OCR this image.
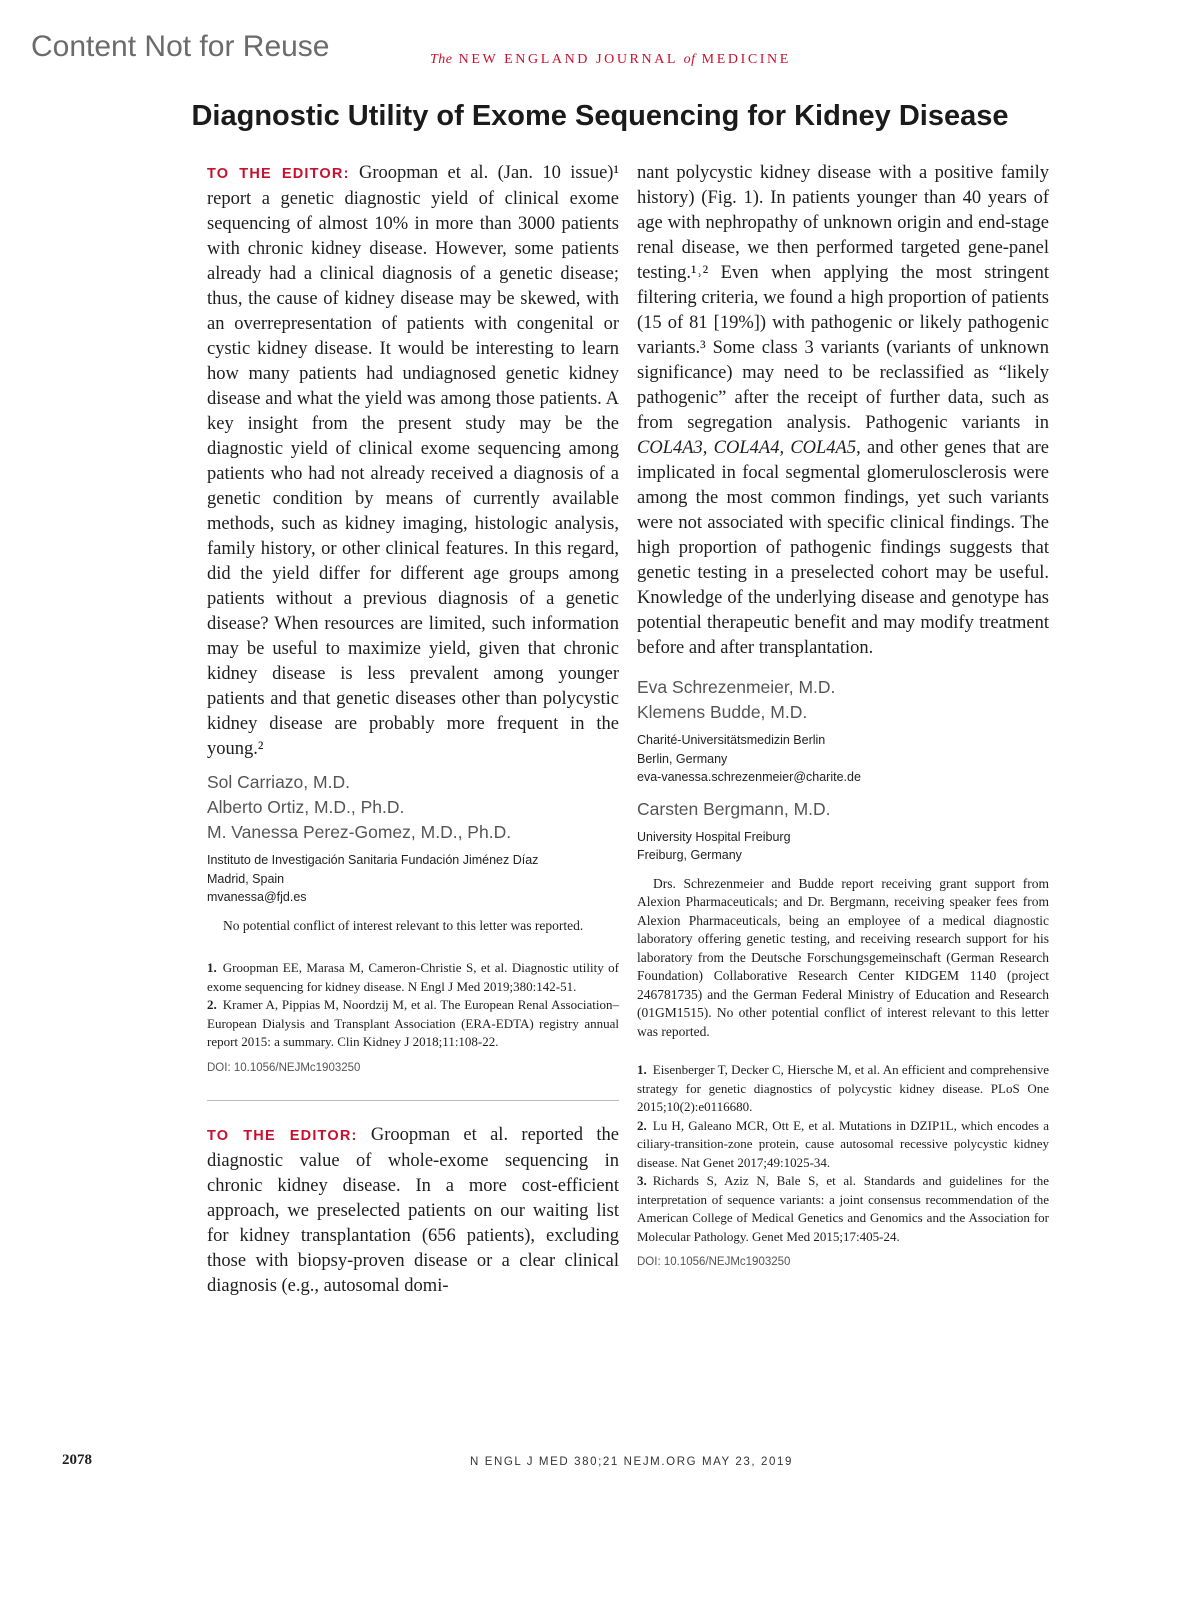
Content Not for Reuse	The NEW ENGLAND JOURNAL of MEDICINE
Diagnostic Utility of Exome Sequencing for Kidney Disease

TO THE EDITOR: Groopman et al. (Jan. 10 issue)¹ report a genetic diagnostic yield of clinical exome sequencing of almost 10% in more than 3000 patients with chronic kidney disease. However, some patients already had a clinical diagnosis of a genetic disease; thus, the cause of kidney disease may be skewed, with an overrepresentation of patients with congenital or cystic kidney disease. It would be interesting to learn how many patients had undiagnosed genetic kidney disease and what the yield was among those patients. A key insight from the present study may be the diagnostic yield of clinical exome sequencing among patients who had not already received a diagnosis of a genetic condition by means of currently available methods, such as kidney imaging, histologic analysis, family history, or other clinical features. In this regard, did the yield differ for different age groups among patients without a previous diagnosis of a genetic disease? When resources are limited, such information may be useful to maximize yield, given that chronic kidney disease is less prevalent among younger patients and that genetic diseases other than polycystic kidney disease are probably more frequent in the young.²

Sol Carriazo, M.D.
Alberto Ortiz, M.D., Ph.D.
M. Vanessa Perez-Gomez, M.D., Ph.D.
Instituto de Investigación Sanitaria Fundación Jiménez Díaz
Madrid, Spain
mvanessa@fjd.es

No potential conflict of interest relevant to this letter was reported.

1. Groopman EE, Marasa M, Cameron-Christie S, et al. Diagnostic utility of exome sequencing for kidney disease. N Engl J Med 2019;380:142-51.
2. Kramer A, Pippias M, Noordzij M, et al. The European Renal Association–European Dialysis and Transplant Association (ERA-EDTA) registry annual report 2015: a summary. Clin Kidney J 2018;11:108-22.
DOI: 10.1056/NEJMc1903250

TO THE EDITOR: Groopman et al. reported the diagnostic value of whole-exome sequencing in chronic kidney disease. In a more cost-efficient approach, we preselected patients on our waiting list for kidney transplantation (656 patients), excluding those with biopsy-proven disease or a clear clinical diagnosis (e.g., autosomal domi-

nant polycystic kidney disease with a positive family history) (Fig. 1). In patients younger than 40 years of age with nephropathy of unknown origin and end-stage renal disease, we then performed targeted gene-panel testing.¹˒² Even when applying the most stringent filtering criteria, we found a high proportion of patients (15 of 81 [19%]) with pathogenic or likely pathogenic variants.³ Some class 3 variants (variants of unknown significance) may need to be reclassified as “likely pathogenic” after the receipt of further data, such as from segregation analysis. Pathogenic variants in COL4A3, COL4A4, COL4A5, and other genes that are implicated in focal segmental glomerulosclerosis were among the most common findings, yet such variants were not associated with specific clinical findings. The high proportion of pathogenic findings suggests that genetic testing in a preselected cohort may be useful. Knowledge of the underlying disease and genotype has potential therapeutic benefit and may modify treatment before and after transplantation.

Eva Schrezenmeier, M.D.
Klemens Budde, M.D.
Charité-Universitätsmedizin Berlin
Berlin, Germany
eva-vanessa.schrezenmeier@charite.de
Carsten Bergmann, M.D.
University Hospital Freiburg
Freiburg, Germany

Drs. Schrezenmeier and Budde report receiving grant support from Alexion Pharmaceuticals; and Dr. Bergmann, receiving speaker fees from Alexion Pharmaceuticals, being an employee of a medical diagnostic laboratory offering genetic testing, and receiving research support for his laboratory from the Deutsche Forschungsgemeinschaft (German Research Foundation) Collaborative Research Center KIDGEM 1140 (project 246781735) and the German Federal Ministry of Education and Research (01GM1515). No other potential conflict of interest relevant to this letter was reported.

1. Eisenberger T, Decker C, Hiersche M, et al. An efficient and comprehensive strategy for genetic diagnostics of polycystic kidney disease. PLoS One 2015;10(2):e0116680.
2. Lu H, Galeano MCR, Ott E, et al. Mutations in DZIP1L, which encodes a ciliary-transition-zone protein, cause autosomal recessive polycystic kidney disease. Nat Genet 2017;49:1025-34.
3. Richards S, Aziz N, Bale S, et al. Standards and guidelines for the interpretation of sequence variants: a joint consensus recommendation of the American College of Medical Genetics and Genomics and the Association for Molecular Pathology. Genet Med 2015;17:405-24.
DOI: 10.1056/NEJMc1903250
2078	N ENGL J MED 380;21 NEJM.ORG MAY 23, 2019
